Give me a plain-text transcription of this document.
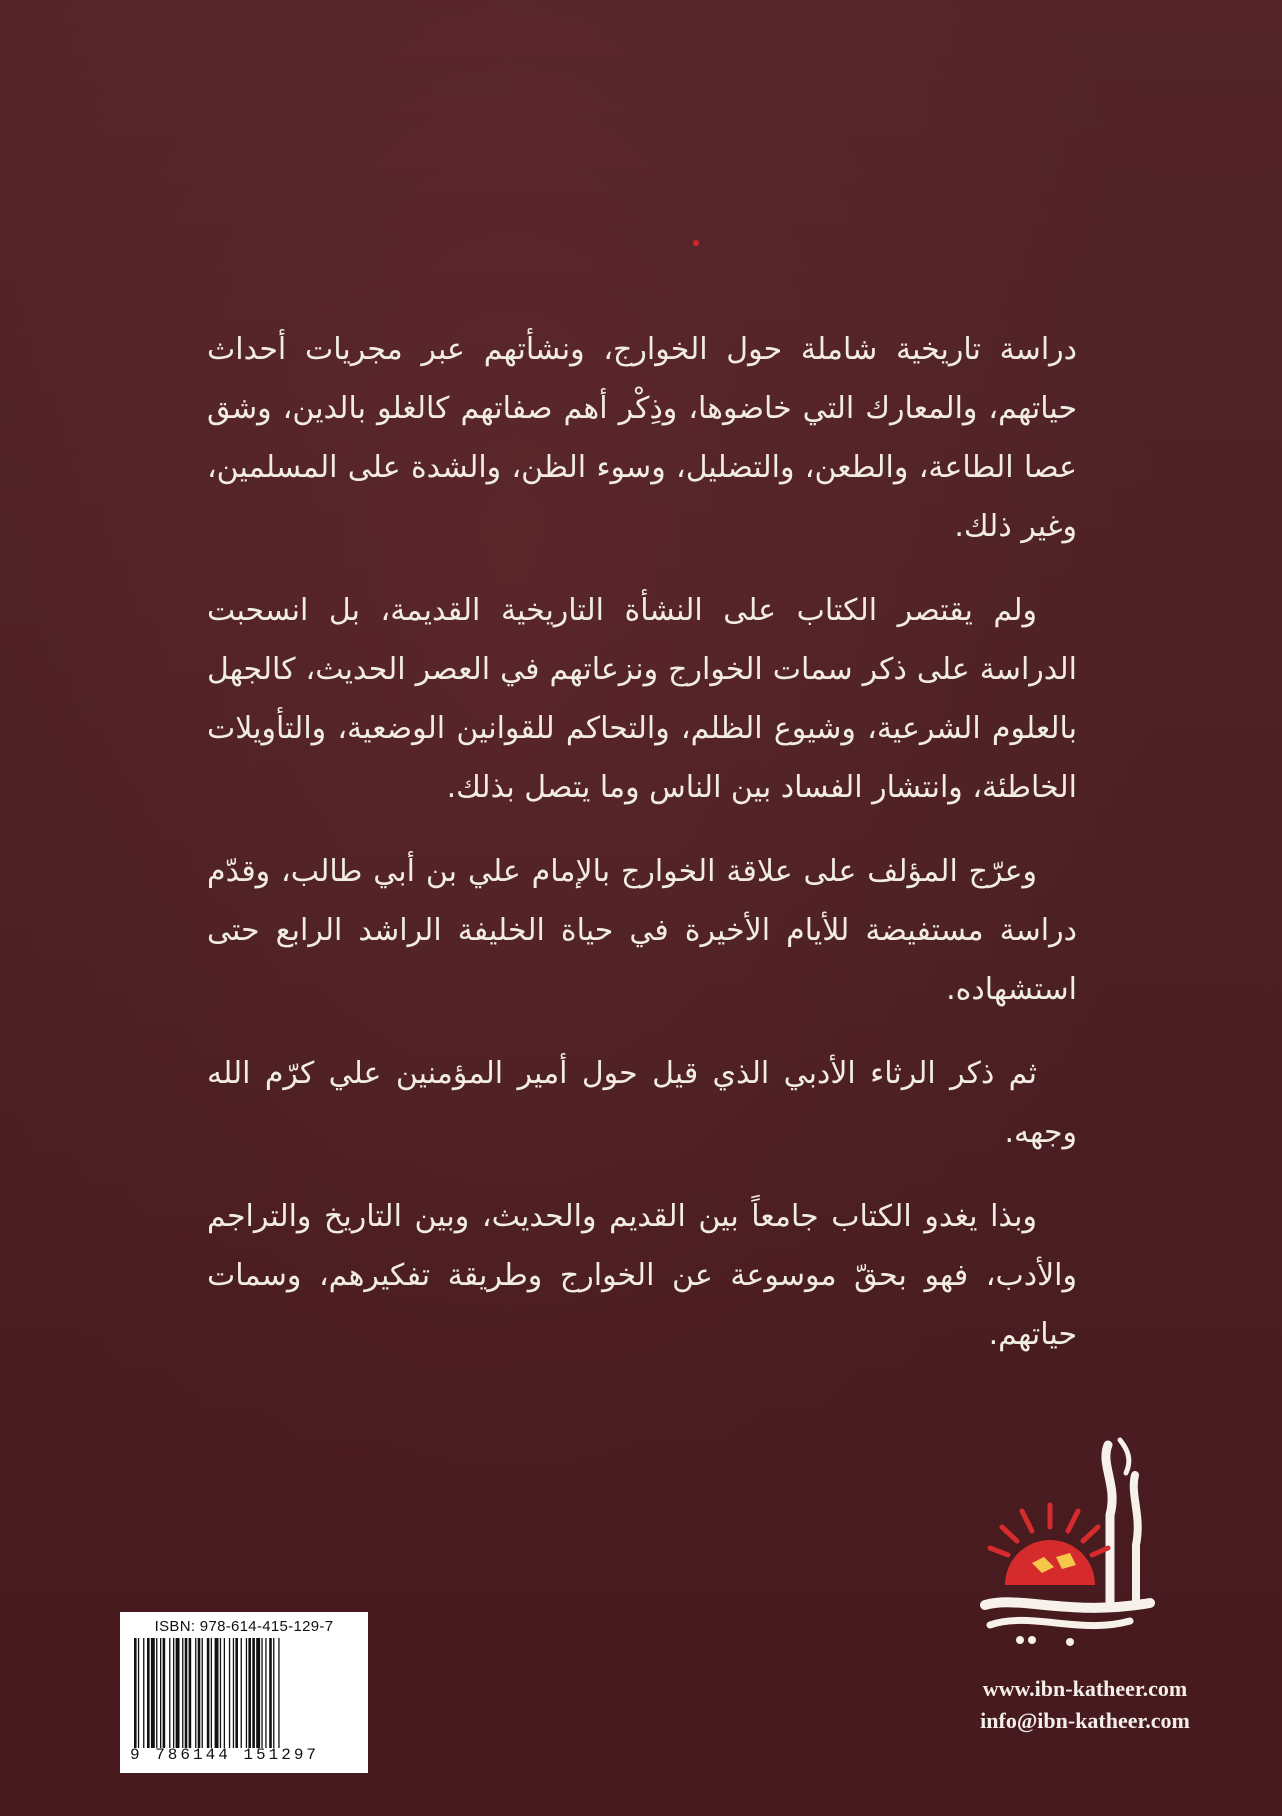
دراسة تاريخية شاملة حول الخوارج، ونشأتهم عبر مجريات أحداث حياتهم، والمعارك التي خاضوها، وذِكْر أهم صفاتهم كالغلو بالدين، وشق عصا الطاعة، والطعن، والتضليل، وسوء الظن، والشدة على المسلمين، وغير ذلك.

ولم يقتصر الكتاب على النشأة التاريخية القديمة، بل انسحبت الدراسة على ذكر سمات الخوارج ونزعاتهم في العصر الحديث، كالجهل بالعلوم الشرعية، وشيوع الظلم، والتحاكم للقوانين الوضعية، والتأويلات الخاطئة، وانتشار الفساد بين الناس وما يتصل بذلك.

وعرّج المؤلف على علاقة الخوارج بالإمام علي بن أبي طالب، وقدّم دراسة مستفيضة للأيام الأخيرة في حياة الخليفة الراشد الرابع حتى استشهاده.

ثم ذكر الرثاء الأدبي الذي قيل حول أمير المؤمنين علي كرّم الله وجهه.

وبذا يغدو الكتاب جامعاً بين القديم والحديث، وبين التاريخ والتراجم والأدب، فهو بحقّ موسوعة عن الخوارج وطريقة تفكيرهم، وسمات حياتهم.

ISBN: 978-614-415-129-7
9 786144 151297
www.ibn-katheer.com
info@ibn-katheer.com
